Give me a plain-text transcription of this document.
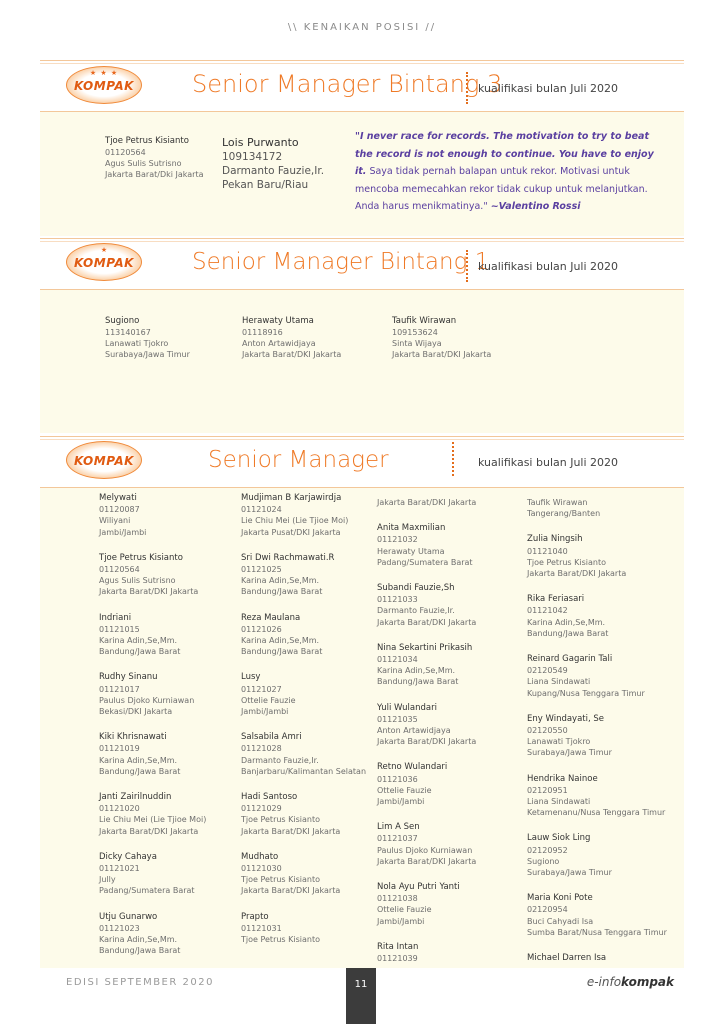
\\ KENAIKAN POSISI //
★ ★ ★
KOMPAK Senior Manager Bintang 3
kualifikasi bulan Juli 2020
Tjoe Petrus Kisianto
01120564
Agus Sulis Sutrisno
Jakarta Barat/Dki Jakarta
Lois Purwanto
109134172
Darmanto Fauzie,Ir.
Pekan Baru/Riau
"I never race for records. The motivation to try to beat the record is not enough to continue. You have to enjoy it. Saya tidak pernah balapan untuk rekor. Motivasi untuk mencoba memecahkan rekor tidak cukup untuk melanjutkan. Anda harus menikmatinya." ~Valentino Rossi
★
KOMPAK	Senior Manager Bintang 1
kualifikasi bulan Juli 2020
Sugiono
113140167
Lanawati Tjokro
Surabaya/Jawa Timur
Herawaty Utama
01118916
Anton Artawidjaya
Jakarta Barat/DKI Jakarta
Taufik Wirawan
109153624
Sinta Wijaya
Jakarta Barat/DKI Jakarta
KOMPAK	Senior Manager	kualifikasi bulan Juli 2020
Melywati
01120087
Wiliyani
Jambi/Jambi
Tjoe Petrus Kisianto
01120564
Agus Sulis Sutrisno
Jakarta Barat/DKI Jakarta
Indriani
01121015
Karina Adin,Se,Mm.
Bandung/Jawa Barat
Rudhy Sinanu
01121017
Paulus Djoko Kurniawan
Bekasi/DKI Jakarta
Kiki Khrisnawati
01121019
Karina Adin,Se,Mm.
Bandung/Jawa Barat
Janti Zairilnuddin
01121020
Lie Chiu Mei (Lie Tjioe Moi)
Jakarta Barat/DKI Jakarta
Dicky Cahaya
01121021
Jully
Padang/Sumatera Barat
Utju Gunarwo
01121023
Karina Adin,Se,Mm.
Bandung/Jawa Barat
Mudjiman B Karjawirdja
01121024
Lie Chiu Mei (Lie Tjioe Moi)
Jakarta Pusat/DKI Jakarta
Sri Dwi Rachmawati.R
01121025
Karina Adin,Se,Mm.
Bandung/Jawa Barat
Reza Maulana
01121026
Karina Adin,Se,Mm.
Bandung/Jawa Barat
Lusy
01121027
Ottelie Fauzie
Jambi/Jambi
Salsabila Amri
01121028
Darmanto Fauzie,Ir.
Banjarbaru/Kalimantan Selatan
Hadi Santoso
01121029
Tjoe Petrus Kisianto
Jakarta Barat/DKI Jakarta
Mudhato
01121030
Tjoe Petrus Kisianto
Jakarta Barat/DKI Jakarta
Prapto
01121031
Tjoe Petrus Kisianto
Jakarta Barat/DKI Jakarta
Anita Maxmilian
01121032
Herawaty Utama
Padang/Sumatera Barat
Subandi Fauzie,Sh
01121033
Darmanto Fauzie,Ir.
Jakarta Barat/DKI Jakarta
Nina Sekartini Prikasih
01121034
Karina Adin,Se,Mm.
Bandung/Jawa Barat
Yuli Wulandari
01121035
Anton Artawidjaya
Jakarta Barat/DKI Jakarta
Retno Wulandari
01121036
Ottelie Fauzie
Jambi/Jambi
Lim A Sen
01121037
Paulus Djoko Kurniawan
Jakarta Barat/DKI Jakarta
Nola Ayu Putri Yanti
01121038
Ottelie Fauzie
Jambi/Jambi
Rita Intan
01121039
Taufik Wirawan
Tangerang/Banten
Zulia Ningsih
01121040
Tjoe Petrus Kisianto
Jakarta Barat/DKI Jakarta
Rika Feriasari
01121042
Karina Adin,Se,Mm.
Bandung/Jawa Barat
Reinard Gagarin Tali
02120549
Liana Sindawati
Kupang/Nusa Tenggara Timur
Eny Windayati, Se
02120550
Lanawati Tjokro
Surabaya/Jawa Timur
Hendrika Nainoe
02120951
Liana Sindawati
Ketamenanu/Nusa Tenggara Timur
Lauw Siok Ling
02120952
Sugiono
Surabaya/Jawa Timur
Maria Koni Pote
02120954
Buci Cahyadi Isa
Sumba Barat/Nusa Tenggara Timur
Michael Darren Isa
EDISI SEPTEMBER 2020	11	e-infokompak
